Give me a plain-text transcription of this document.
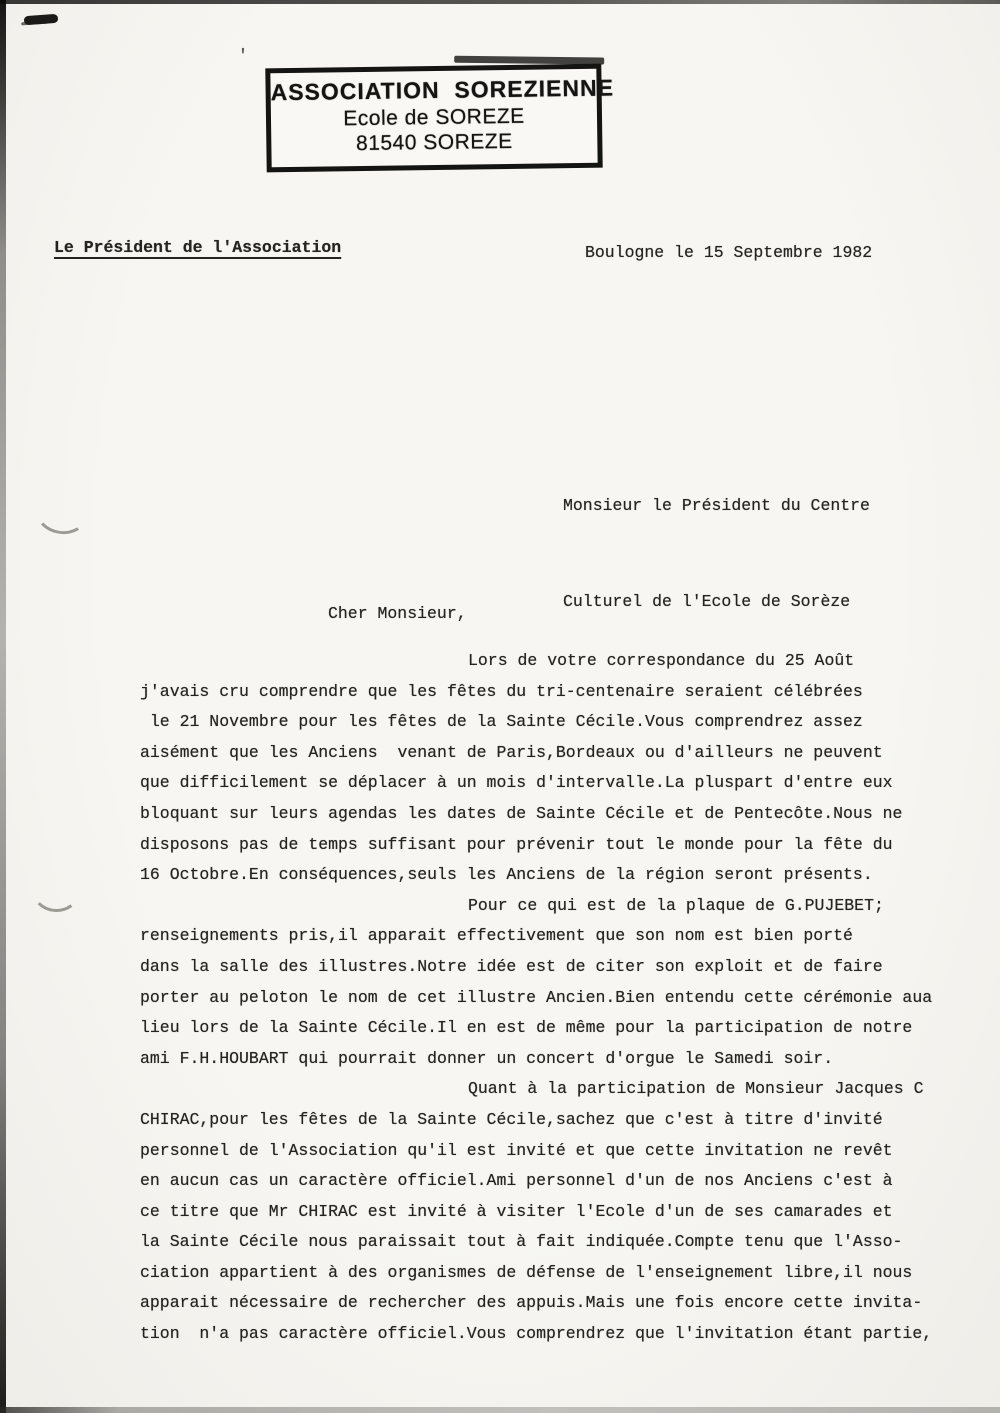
'
ASSOCIATION  SOREZIENNE
Ecole de SOREZE
81540 SOREZE
Le Président de l'Association	Boulogne le 15 Septembre 1982

Monsieur le Président du Centre

Culturel de l'Ecole de Sorèze

Cher Monsieur,
Lors de votre correspondance du 25 Août
j'avais cru comprendre que les fêtes du tri-centenaire seraient célébrées
le 21 Novembre pour les fêtes de la Sainte Cécile.Vous comprendrez assez
aisément que les Anciens  venant de Paris,Bordeaux ou d'ailleurs ne peuvent
que difficilement se déplacer à un mois d'intervalle.La pluspart d'entre eux
bloquant sur leurs agendas les dates de Sainte Cécile et de Pentecôte.Nous ne
disposons pas de temps suffisant pour prévenir tout le monde pour la fête du
16 Octobre.En conséquences,seuls les Anciens de la région seront présents.
Pour ce qui est de la plaque de G.PUJEBET;
renseignements pris,il apparait effectivement que son nom est bien porté
dans la salle des illustres.Notre idée est de citer son exploit et de faire
porter au peloton le nom de cet illustre Ancien.Bien entendu cette cérémonie aua
lieu lors de la Sainte Cécile.Il en est de même pour la participation de notre
ami F.H.HOUBART qui pourrait donner un concert d'orgue le Samedi soir.
Quant à la participation de Monsieur Jacques C
CHIRAC,pour les fêtes de la Sainte Cécile,sachez que c'est à titre d'invité
personnel de l'Association qu'il est invité et que cette invitation ne revêt
en aucun cas un caractère officiel.Ami personnel d'un de nos Anciens c'est à
ce titre que Mr CHIRAC est invité à visiter l'Ecole d'un de ses camarades et
la Sainte Cécile nous paraissait tout à fait indiquée.Compte tenu que l'Asso-
ciation appartient à des organismes de défense de l'enseignement libre,il nous
apparait nécessaire de rechercher des appuis.Mais une fois encore cette invita-
tion  n'a pas caractère officiel.Vous comprendrez que l'invitation étant partie,
